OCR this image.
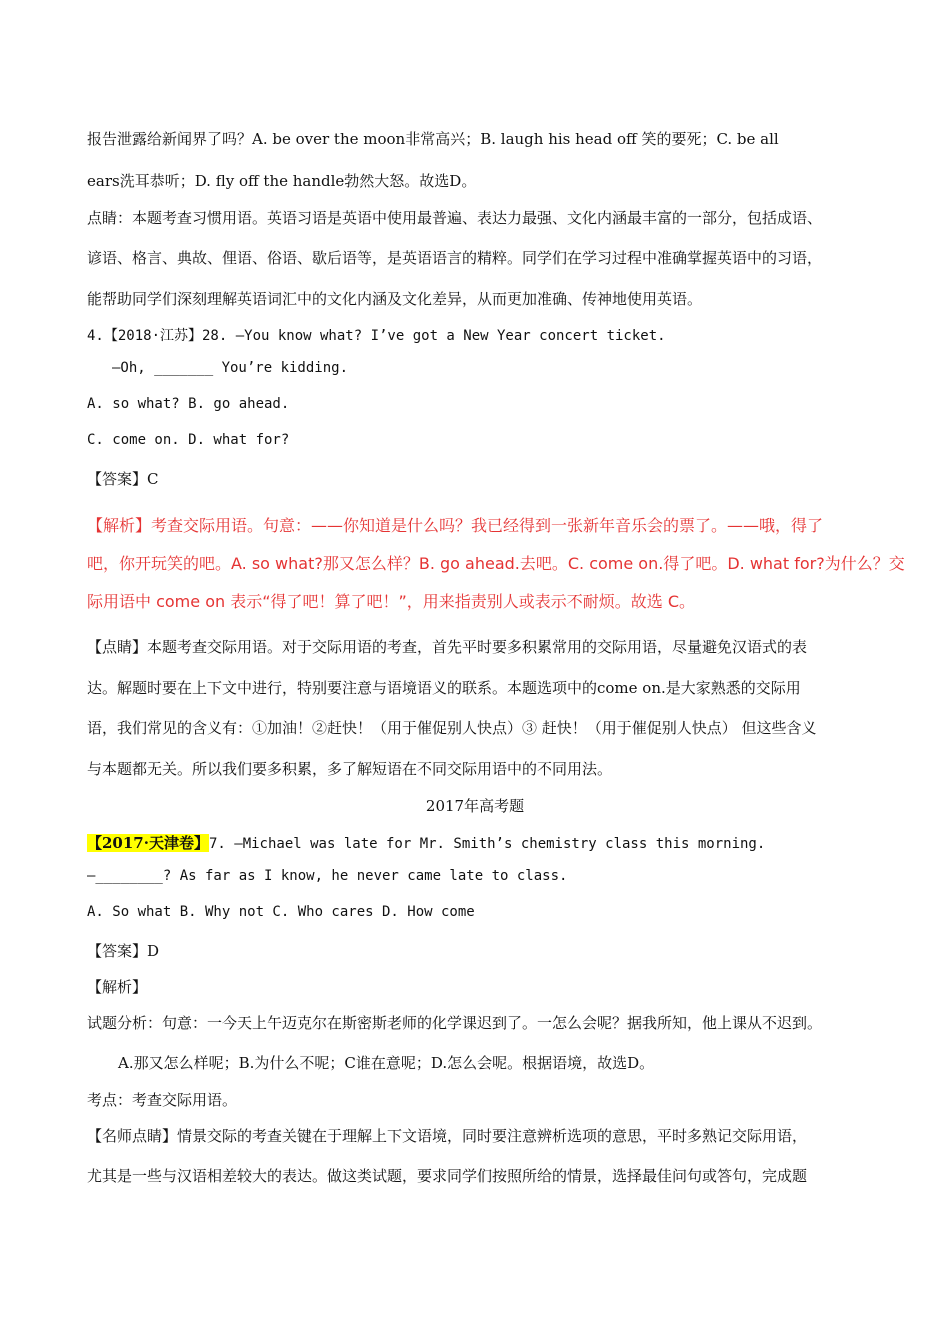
报告泄露给新闻界了吗？A. be over the moon非常高兴；B. laugh his head off 笑的要死；C. be all
ears洗耳恭听；D. fly off the handle勃然大怒。故选D。
点睛：本题考查习惯用语。英语习语是英语中使用最普遍、表达力最强、文化内涵最丰富的一部分，包括成语、
谚语、格言、典故、俚语、俗语、歇后语等，是英语语言的精粹。同学们在学习过程中准确掌握英语中的习语，
能帮助同学们深刻理解英语词汇中的文化内涵及文化差异，从而更加准确、传神地使用英语。
4.【2018·江苏】28. —You know what? I’ve got a New Year concert ticket.
—Oh, _______ You’re kidding.
A. so what? B. go ahead.
C. come on. D. what for?
【答案】C
【解析】考查交际用语。句意：——你知道是什么吗？我已经得到一张新年音乐会的票了。——哦，得了
吧，你开玩笑的吧。A. so what?那又怎么样？B. go ahead.去吧。C. come on.得了吧。D. what for?为什么？交
际用语中 come on 表示“得了吧！算了吧！”，用来指责别人或表示不耐烦。故选 C。
【点睛】本题考查交际用语。对于交际用语的考查，首先平时要多积累常用的交际用语，尽量避免汉语式的表
达。解题时要在上下文中进行，特别要注意与语境语义的联系。本题选项中的come on.是大家熟悉的交际用
语，我们常见的含义有：①加油！②赶快！（用于催促别人快点）③ 赶快！（用于催促别人快点） 但这些含义
与本题都无关。所以我们要多积累，多了解短语在不同交际用语中的不同用法。
2017年高考题
【2017·天津卷】7. —Michael was late for Mr. Smith’s chemistry class this morning.
—________? As far as I know, he never came late to class.
A. So what B. Why not C. Who cares D. How come
【答案】D
【解析】
试题分析：句意：一今天上午迈克尔在斯密斯老师的化学课迟到了。一怎么会呢？据我所知，他上课从不迟到。
A.那又怎么样呢；B.为什么不呢；C谁在意呢；D.怎么会呢。根据语境，故选D。
考点：考查交际用语。
【名师点睛】情景交际的考查关键在于理解上下文语境，同时要注意辨析选项的意思，平时多熟记交际用语，
尤其是一些与汉语相差较大的表达。做这类试题，要求同学们按照所给的情景，选择最佳问句或答句，完成题
